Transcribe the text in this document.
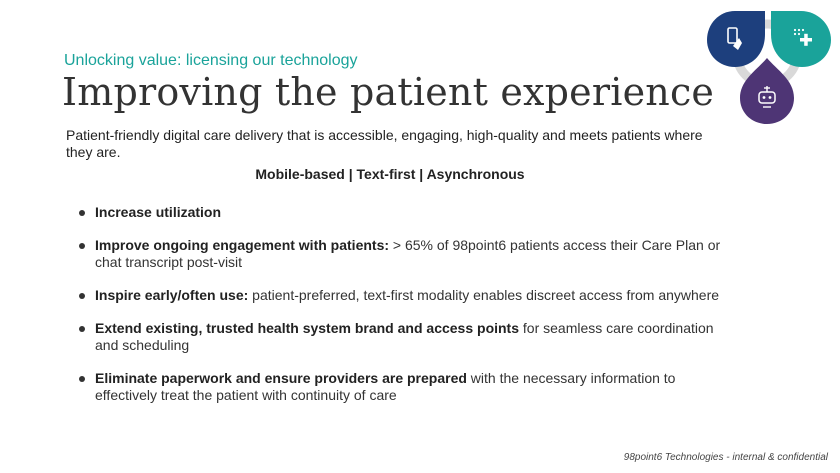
Unlocking value: licensing our technology
Improving the patient experience
Patient-friendly digital care delivery that is accessible, engaging, high-quality and meets patients where they are.
Mobile-based | Text-first | Asynchronous
Increase utilization
Improve ongoing engagement with patients: > 65% of 98point6 patients access their Care Plan or chat transcript post-visit
Inspire early/often use: patient-preferred, text-first modality enables discreet access from anywhere
Extend existing, trusted health system brand and access points for seamless care coordination and scheduling
Eliminate paperwork and ensure providers are prepared with the necessary information to effectively treat the patient with continuity of care
98point6 Technologies - internal & confidential
